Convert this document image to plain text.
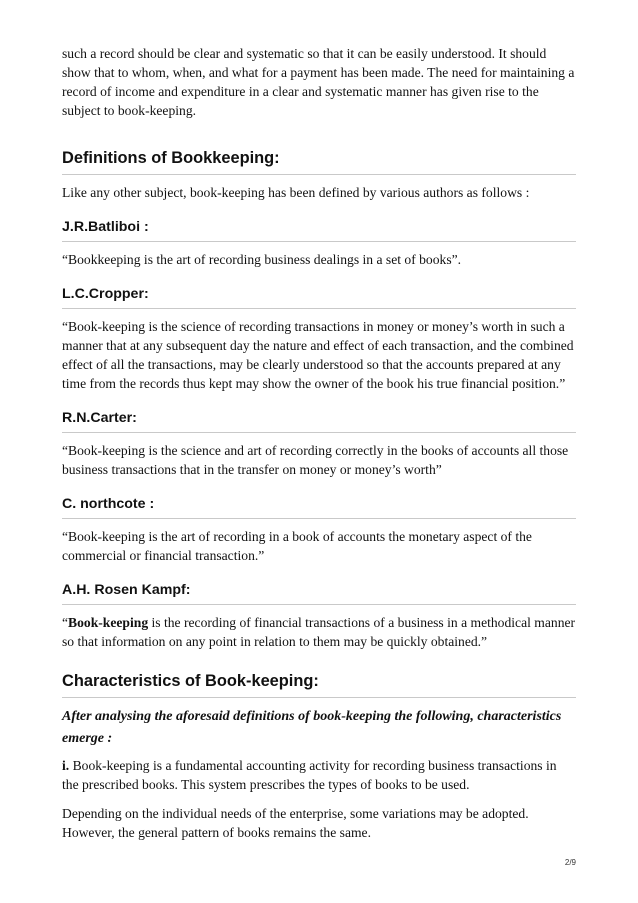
such a record should be clear and systematic so that it can be easily understood. It should show that to whom, when, and what for a payment has been made. The need for maintaining a record of income and expenditure in a clear and systematic manner has given rise to the subject to book-keeping.

Definitions of Bookkeeping:

Like any other subject, book-keeping has been defined by various authors as follows :

J.R.Batliboi :

“Bookkeeping is the art of recording business dealings in a set of books”.

L.C.Cropper:

“Book-keeping is the science of recording transactions in money or money’s worth in such a manner that at any subsequent day the nature and effect of each transaction, and the combined effect of all the transactions, may be clearly understood so that the accounts prepared at any time from the records thus kept may show the owner of the book his true financial position.”

R.N.Carter:

“Book-keeping is the science and art of recording correctly in the books of accounts all those business transactions that in the transfer on money or money’s worth”

C. northcote :

“Book-keeping is the art of recording in a book of accounts the monetary aspect of the commercial or financial transaction.”

A.H. Rosen Kampf:

“Book-keeping is the recording of financial transactions of a business in a methodical manner so that information on any point in relation to them may be quickly obtained.”

Characteristics of Book-keeping:

After analysing the aforesaid definitions of book-keeping the following, characteristics emerge :

i. Book-keeping is a fundamental accounting activity for recording business transactions in the prescribed books. This system prescribes the types of books to be used.

Depending on the individual needs of the enterprise, some variations may be adopted. However, the general pattern of books remains the same.

2/9
